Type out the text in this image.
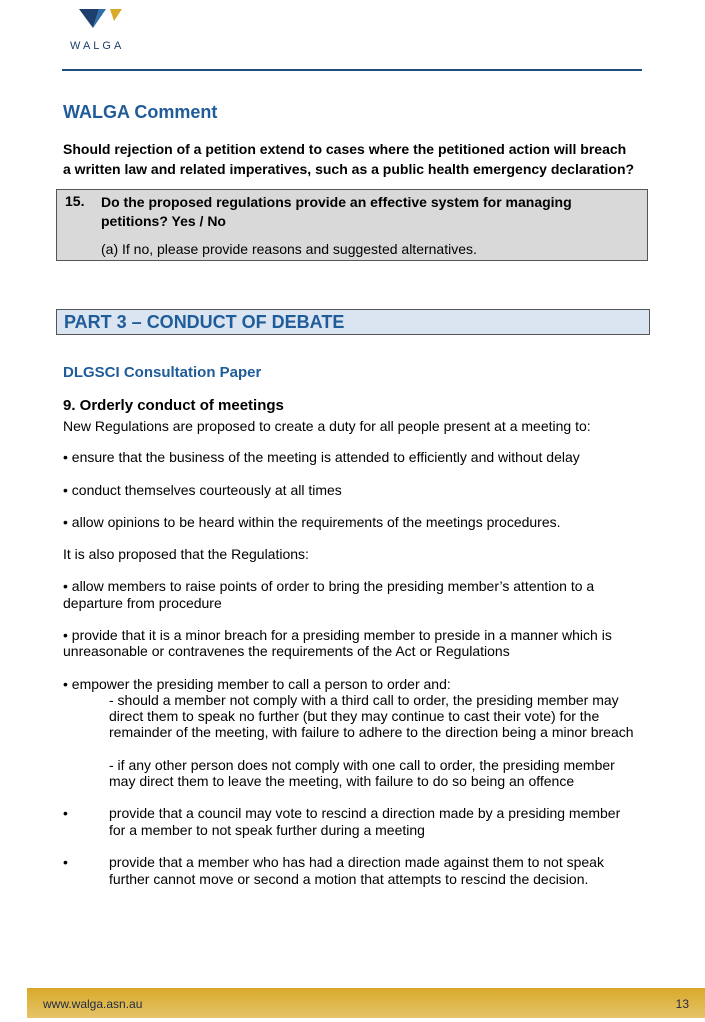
WALGA
WALGA Comment
Should rejection of a petition extend to cases where the petitioned action will breach
a written law and related imperatives, such as a public health emergency declaration?
15. Do the proposed regulations provide an effective system for managing
petitions? Yes / No
(a) If no, please provide reasons and suggested alternatives.
PART 3 – CONDUCT OF DEBATE
DLGSCI Consultation Paper
9. Orderly conduct of meetings
New Regulations are proposed to create a duty for all people present at a meeting to:
• ensure that the business of the meeting is attended to efficiently and without delay
• conduct themselves courteously at all times
• allow opinions to be heard within the requirements of the meetings procedures.
It is also proposed that the Regulations:
• allow members to raise points of order to bring the presiding member’s attention to a
departure from procedure
• provide that it is a minor breach for a presiding member to preside in a manner which is
unreasonable or contravenes the requirements of the Act or Regulations
• empower the presiding member to call a person to order and:
- should a member not comply with a third call to order, the presiding member may
direct them to speak no further (but they may continue to cast their vote) for the
remainder of the meeting, with failure to adhere to the direction being a minor breach
- if any other person does not comply with one call to order, the presiding member
may direct them to leave the meeting, with failure to do so being an offence
•	provide that a council may vote to rescind a direction made by a presiding member
for a member to not speak further during a meeting
•	provide that a member who has had a direction made against them to not speak
further cannot move or second a motion that attempts to rescind the decision.
www.walga.asn.au	13
